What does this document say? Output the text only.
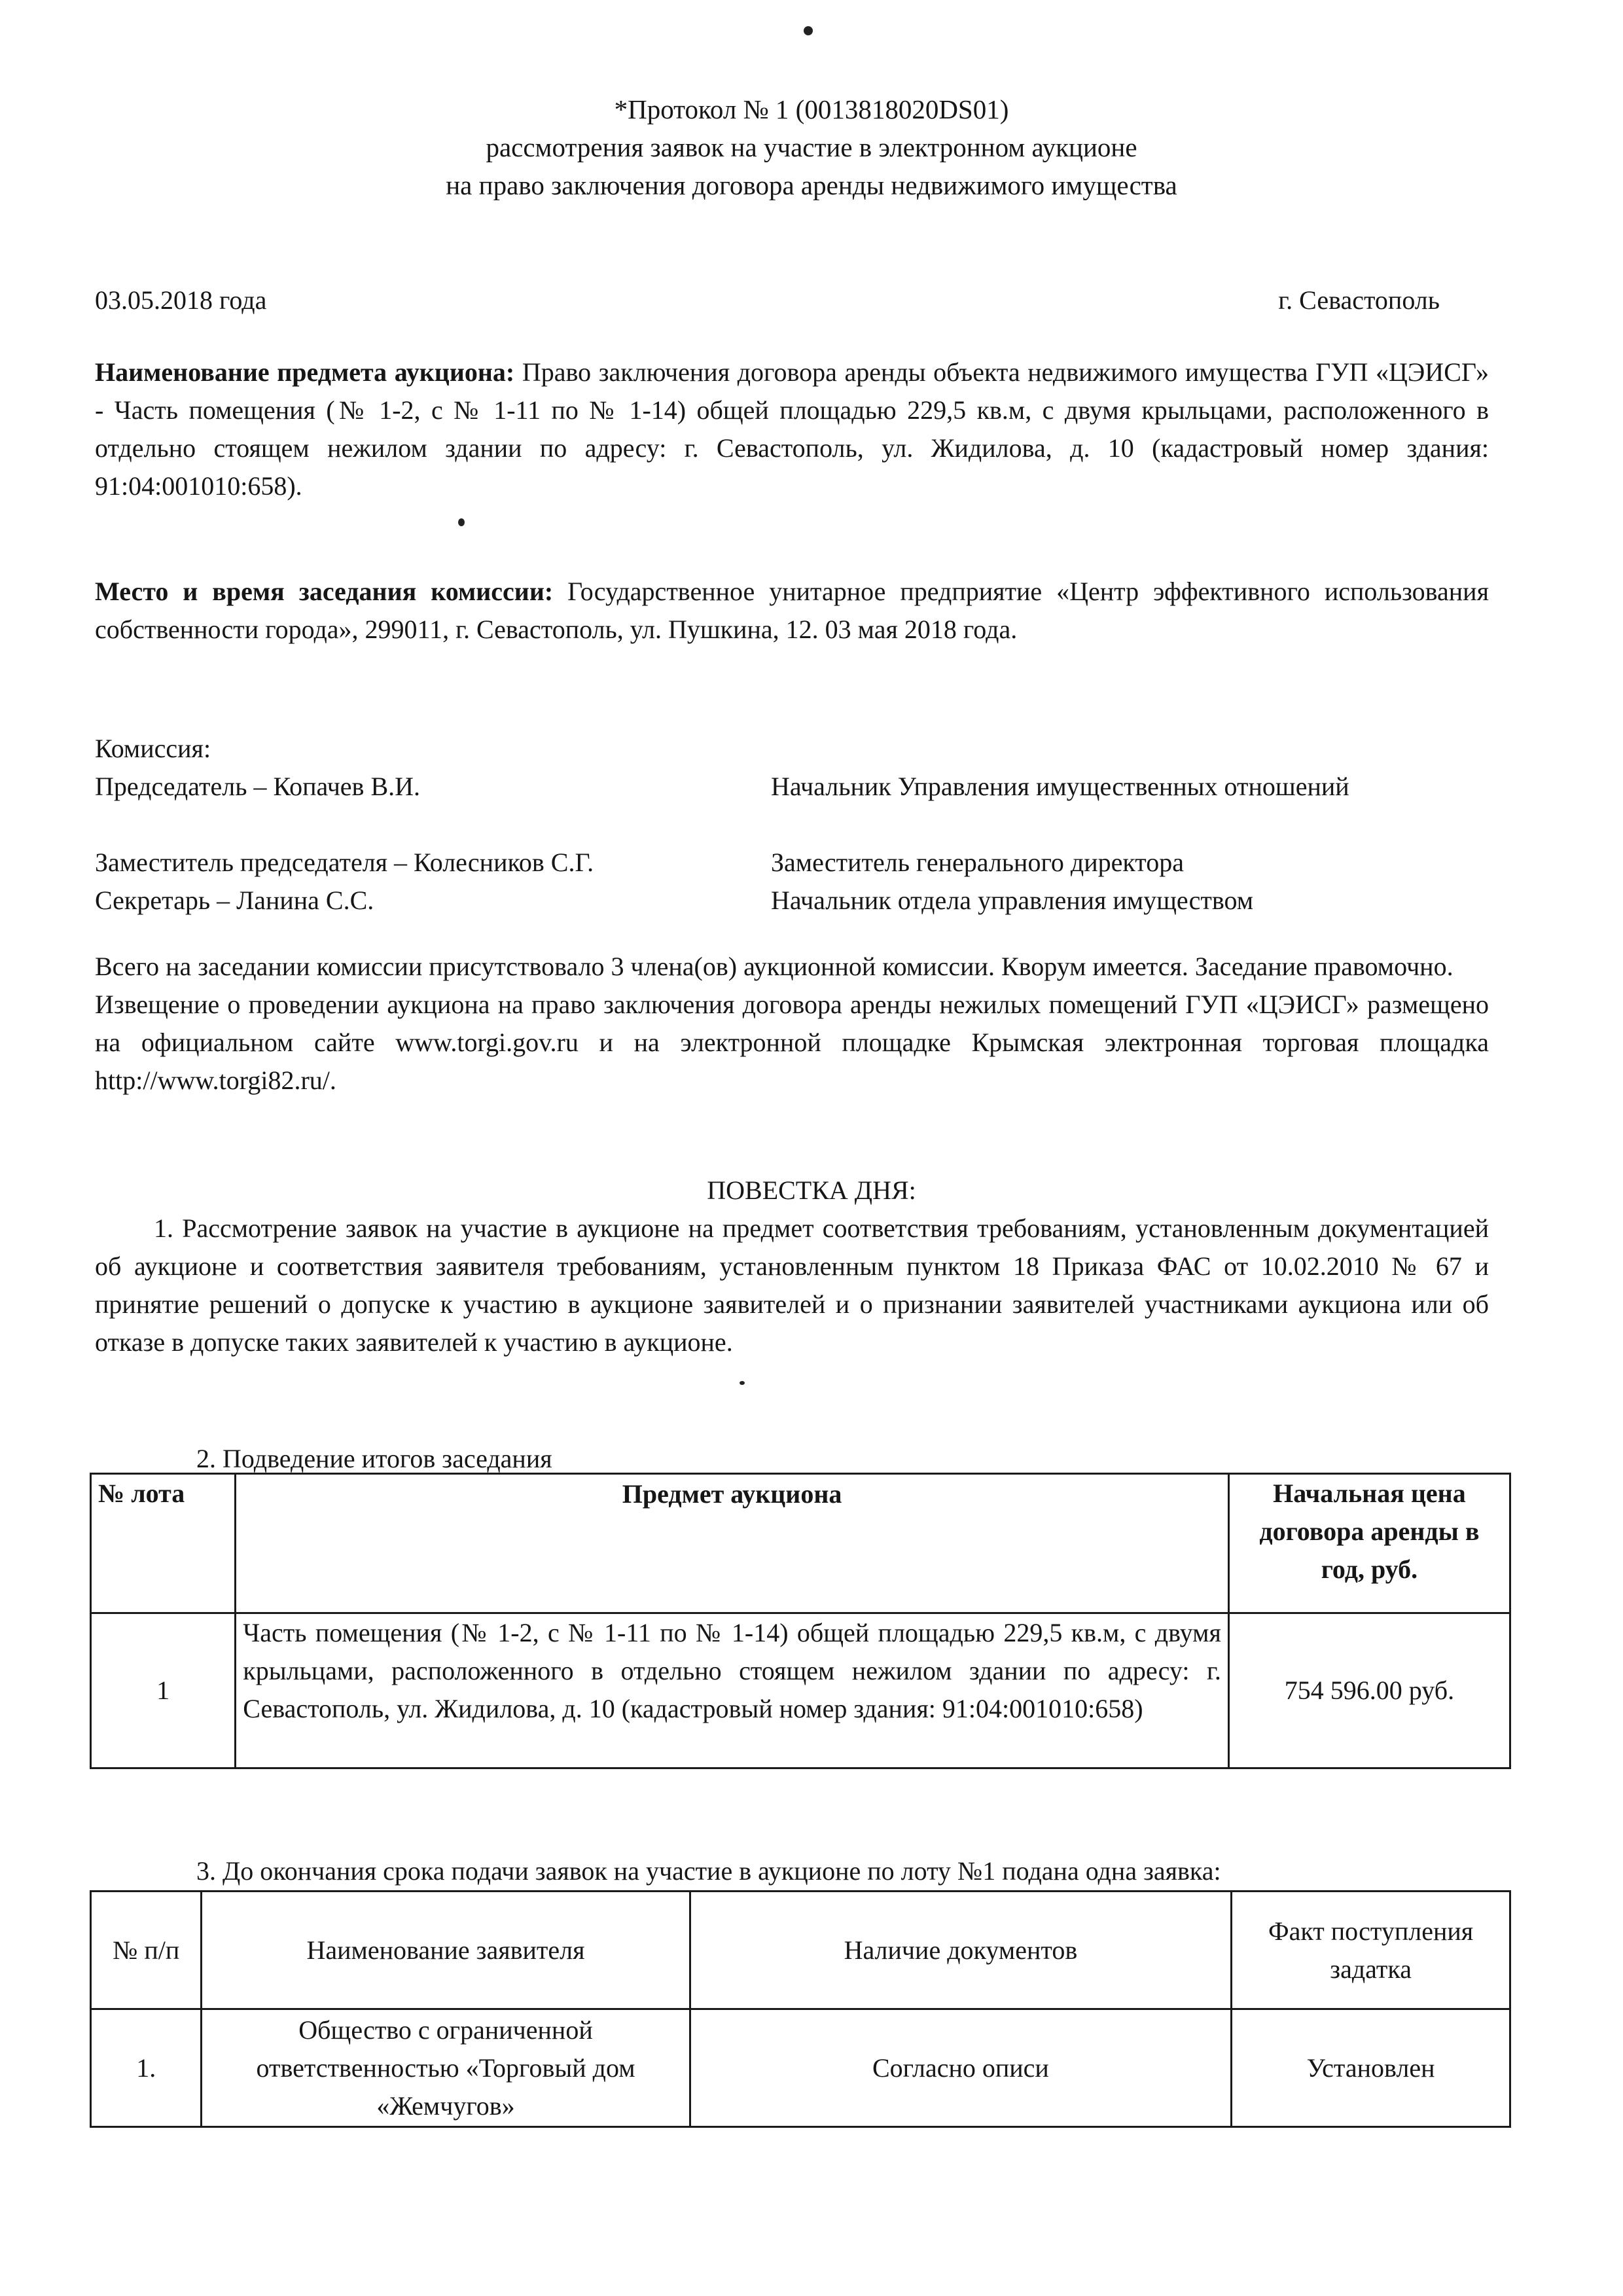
*Протокол № 1 (0013818020DS01)
рассмотрения заявок на участие в электронном аукционе
на право заключения договора аренды недвижимого имущества
03.05.2018 года	г. Севастополь
Наименование предмета аукциона: Право заключения договора аренды объекта недвижимого имущества ГУП «ЦЭИСГ» - Часть помещения (№ 1-2, с № 1-11 по № 1-14) общей площадью 229,5 кв.м, с двумя крыльцами, расположенного в отдельно стоящем нежилом здании по адресу: г. Севастополь, ул. Жидилова, д. 10 (кадастровый номер здания: 91:04:001010:658).
Место и время заседания комиссии: Государственное унитарное предприятие «Центр эффективного использования собственности города», 299011, г. Севастополь, ул. Пушкина, 12. 03 мая 2018 года.
Комиссия:
Председатель – Копачев В.И.	Начальник Управления имущественных отношений
Заместитель председателя – Колесников С.Г.	Заместитель генерального директора
Секретарь – Ланина С.С.	Начальник отдела управления имуществом
Всего на заседании комиссии присутствовало 3 члена(ов) аукционной комиссии. Кворум имеется. Заседание правомочно.
Извещение о проведении аукциона на право заключения договора аренды нежилых помещений ГУП «ЦЭИСГ» размещено на официальном сайте www.torgi.gov.ru и на электронной площадке Крымская электронная торговая площадка http://www.torgi82.ru/.
ПОВЕСТКА ДНЯ:
1. Рассмотрение заявок на участие в аукционе на предмет соответствия требованиям, установленным документацией об аукционе и соответствия заявителя требованиям, установленным пунктом 18 Приказа ФАС от 10.02.2010 № 67 и принятие решений о допуске к участию в аукционе заявителей и о признании заявителей участниками аукциона или об отказе в допуске таких заявителей к участию в аукционе.
2. Подведение итогов заседания
№ лота	Предмет аукциона	Начальная цена договора аренды в год, руб.
1	Часть помещения (№ 1-2, с № 1-11 по № 1-14) общей площадью 229,5 кв.м, с двумя крыльцами, расположенного в отдельно стоящем нежилом здании по адресу: г. Севастополь, ул. Жидилова, д. 10 (кадастровый номер здания: 91:04:001010:658)	754 596.00 руб.
3. До окончания срока подачи заявок на участие в аукционе по лоту №1 подана одна заявка:
№ п/п	Наименование заявителя	Наличие документов	Факт поступления задатка
1.	Общество с ограниченной ответственностью «Торговый дом «Жемчугов»	Согласно описи	Установлен
